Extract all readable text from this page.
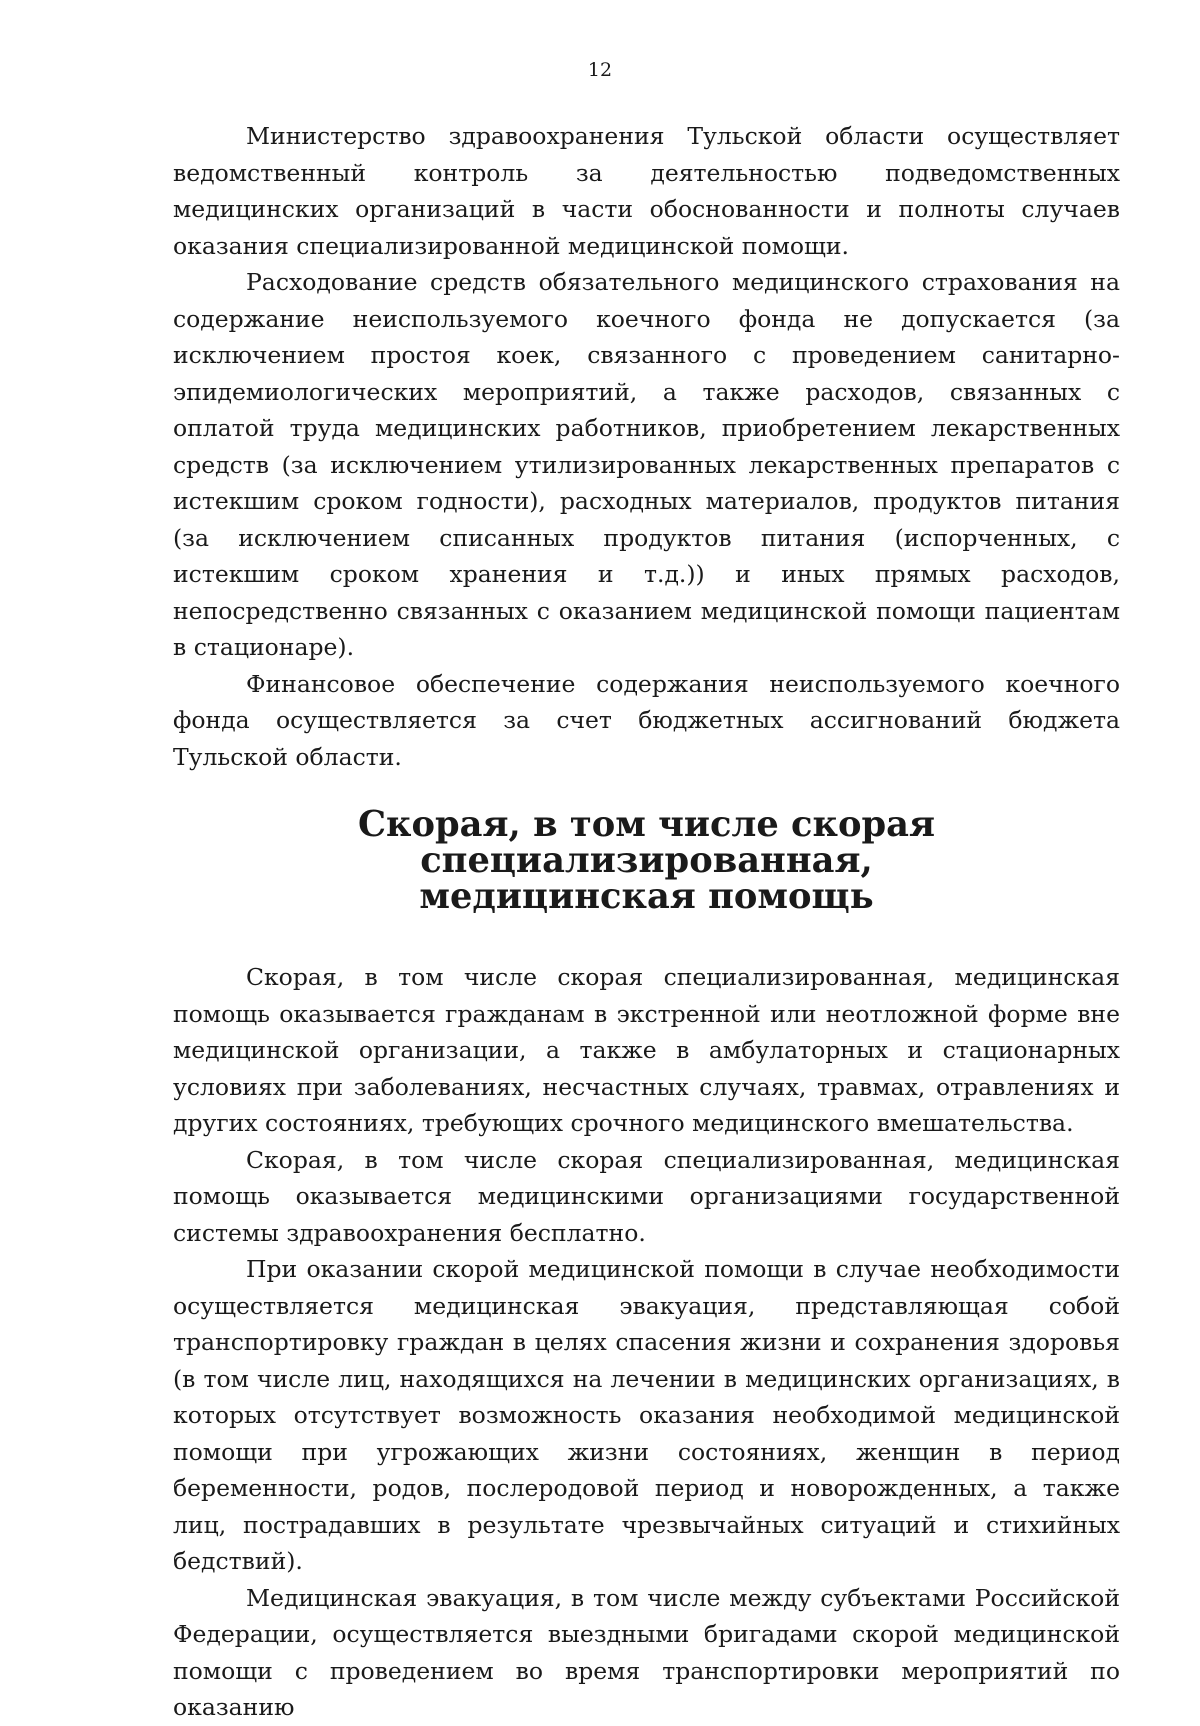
12

Министерство здравоохранения Тульской области осуществляет ведомственный контроль за деятельностью подведомственных медицинских организаций в части обоснованности и полноты случаев оказания специализированной медицинской помощи.

Расходование средств обязательного медицинского страхования на содержание неиспользуемого коечного фонда не допускается (за исключением простоя коек, связанного с проведением санитарно-эпидемиологических мероприятий, а также расходов, связанных с оплатой труда медицинских работников, приобретением лекарственных средств (за исключением утилизированных лекарственных препаратов с истекшим сроком годности), расходных материалов, продуктов питания (за исключением списанных продуктов питания (испорченных, с истекшим сроком хранения и т.д.)) и иных прямых расходов, непосредственно связанных с оказанием медицинской помощи пациентам в стационаре).

Финансовое обеспечение содержания неиспользуемого коечного фонда осуществляется за счет бюджетных ассигнований бюджета Тульской области.

Скорая, в том числе скорая специализированная,
медицинская помощь

Скорая, в том числе скорая специализированная, медицинская помощь оказывается гражданам в экстренной или неотложной форме вне медицинской организации, а также в амбулаторных и стационарных условиях при заболеваниях, несчастных случаях, травмах, отравлениях и других состояниях, требующих срочного медицинского вмешательства.

Скорая, в том числе скорая специализированная, медицинская помощь оказывается медицинскими организациями государственной системы здравоохранения бесплатно.

При оказании скорой медицинской помощи в случае необходимости осуществляется медицинская эвакуация, представляющая собой транспортировку граждан в целях спасения жизни и сохранения здоровья (в том числе лиц, находящихся на лечении в медицинских организациях, в которых отсутствует возможность оказания необходимой медицинской помощи при угрожающих жизни состояниях, женщин в период беременности, родов, послеродовой период и новорожденных, а также лиц, пострадавших в результате чрезвычайных ситуаций и стихийных бедствий).

Медицинская эвакуация, в том числе между субъектами Российской Федерации, осуществляется выездными бригадами скорой медицинской помощи с проведением во время транспортировки мероприятий по оказанию
